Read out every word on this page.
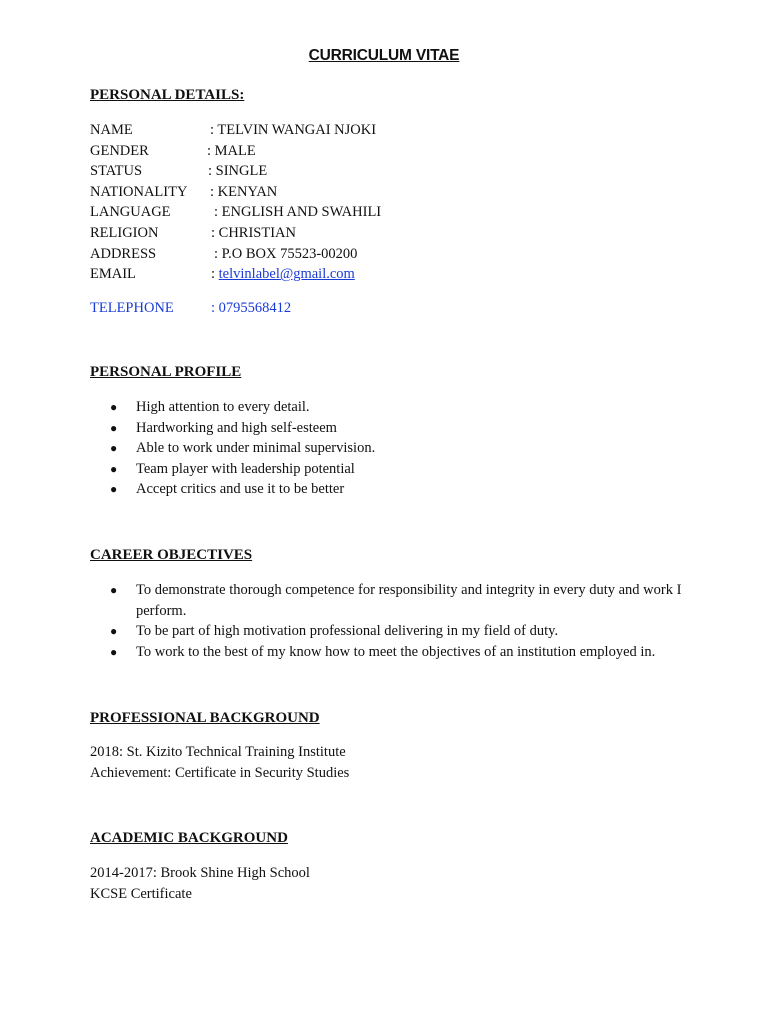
CURRICULUM VITAE
PERSONAL DETAILS:
NAME	: TELVIN WANGAI NJOKI
GENDER	: MALE
STATUS	: SINGLE
NATIONALITY : KENYAN
LANGUAGE	: ENGLISH AND SWAHILI
RELIGION	: CHRISTIAN
ADDRESS	: P.O BOX 75523-00200
EMAIL	: telvinlabel@gmail.com
TELEPHONE	: 0795568412
PERSONAL PROFILE
● High attention to every detail.
● Hardworking and high self-esteem
● Able to work under minimal supervision.
● Team player with leadership potential
● Accept critics and use it to be better
CAREER OBJECTIVES
● To demonstrate thorough competence for responsibility and integrity in every duty and work I perform.
● To be part of high motivation professional delivering in my field of duty.
● To work to the best of my know how to meet the objectives of an institution employed in.
PROFESSIONAL BACKGROUND
2018: St. Kizito Technical Training Institute
Achievement: Certificate in Security Studies
ACADEMIC BACKGROUND
2014-2017: Brook Shine High School
KCSE Certificate
